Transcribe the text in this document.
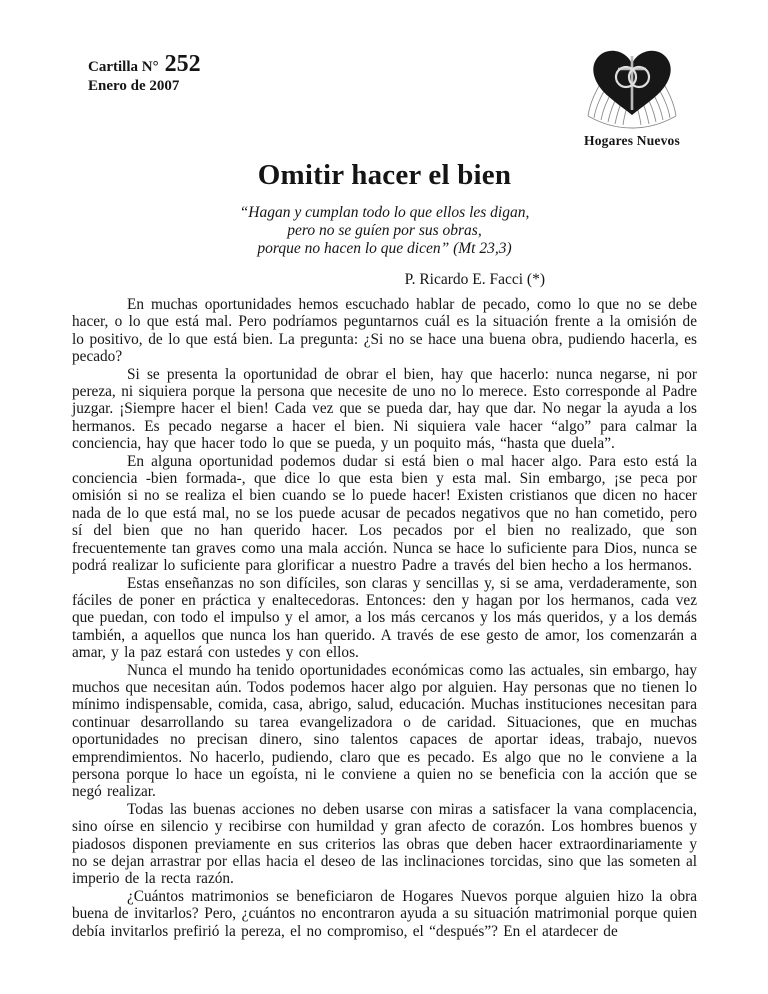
Cartilla N° 252
Enero de 2007
Hogares Nuevos
Omitir hacer el bien
“Hagan y cumplan todo lo que ellos les digan,
pero no se guíen por sus obras,
porque no hacen lo que dicen” (Mt 23,3)
P. Ricardo E. Facci (*)

En muchas oportunidades hemos escuchado hablar de pecado, como lo que no se debe hacer, o lo que está mal. Pero podríamos peguntarnos cuál es la situación frente a la omisión de lo positivo, de lo que está bien. La pregunta: ¿Si no se hace una buena obra, pudiendo hacerla, es pecado?

Si se presenta la oportunidad de obrar el bien, hay que hacerlo: nunca negarse, ni por pereza, ni siquiera porque la persona que necesite de uno no lo merece. Esto corresponde al Padre juzgar. ¡Siempre hacer el bien! Cada vez que se pueda dar, hay que dar. No negar la ayuda a los hermanos. Es pecado negarse a hacer el bien. Ni siquiera vale hacer “algo” para calmar la conciencia, hay que hacer todo lo que se pueda, y un poquito más, “hasta que duela”.

En alguna oportunidad podemos dudar si está bien o mal hacer algo. Para esto está la conciencia -bien formada-, que dice lo que esta bien y esta mal. Sin embargo, ¡se peca por omisión si no se realiza el bien cuando se lo puede hacer! Existen cristianos que dicen no hacer nada de lo que está mal, no se los puede acusar de pecados negativos que no han cometido, pero sí del bien que no han querido hacer. Los pecados por el bien no realizado, que son frecuentemente tan graves como una mala acción. Nunca se hace lo suficiente para Dios, nunca se podrá realizar lo suficiente para glorificar a nuestro Padre a través del bien hecho a los hermanos.

Estas enseñanzas no son difíciles, son claras y sencillas y, si se ama, verdaderamente, son fáciles de poner en práctica y enaltecedoras. Entonces: den y hagan por los hermanos, cada vez que puedan, con todo el impulso y el amor, a los más cercanos y los más queridos, y a los demás también, a aquellos que nunca los han querido. A través de ese gesto de amor, los comenzarán a amar, y la paz estará con ustedes y con ellos.

Nunca el mundo ha tenido oportunidades económicas como las actuales, sin embargo, hay muchos que necesitan aún. Todos podemos hacer algo por alguien. Hay personas que no tienen lo mínimo indispensable, comida, casa, abrigo, salud, educación. Muchas instituciones necesitan para continuar desarrollando su tarea evangelizadora o de caridad. Situaciones, que en muchas oportunidades no precisan dinero, sino talentos capaces de aportar ideas, trabajo, nuevos emprendimientos. No hacerlo, pudiendo, claro que es pecado. Es algo que no le conviene a la persona porque lo hace un egoísta, ni le conviene a quien no se beneficia con la acción que se negó realizar.

Todas las buenas acciones no deben usarse con miras a satisfacer la vana complacencia, sino oírse en silencio y recibirse con humildad y gran afecto de corazón. Los hombres buenos y piadosos disponen previamente en sus criterios las obras que deben hacer extraordinariamente y no se dejan arrastrar por ellas hacia el deseo de las inclinaciones torcidas, sino que las someten al imperio de la recta razón.

¿Cuántos matrimonios se beneficiaron de Hogares Nuevos porque alguien hizo la obra buena de invitarlos? Pero, ¿cuántos no encontraron ayuda a su situación matrimonial porque quien debía invitarlos prefirió la pereza, el no compromiso, el “después”? En el atardecer de
